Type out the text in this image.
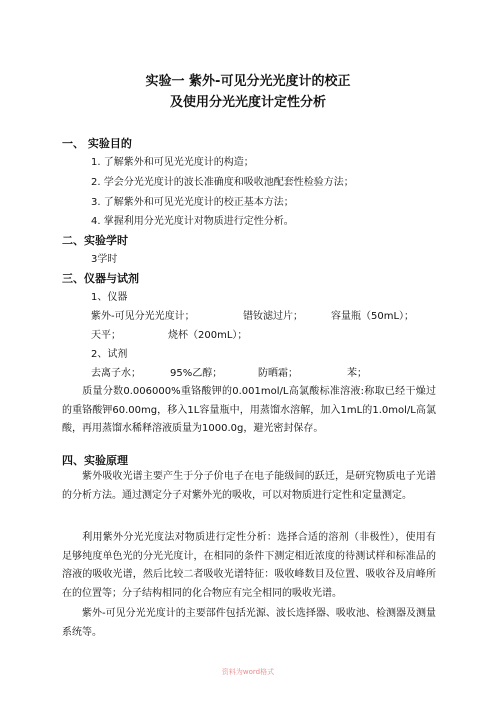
实验一 紫外-可见分光光度计的校正
及使用分光光度计定性分析
一、 实验目的
1. 了解紫外和可见光光度计的构造；
2. 学会分光光度计的波长准确度和吸收池配套性检验方法；
3. 了解紫外和可见光光度计的校正基本方法；
4. 掌握利用分光光度计对物质进行定性分析。
二、实验学时
3学时
三、仪器与试剂
1、仪器
紫外-可见分光光度计；	镨钕滤过片；	容量瓶（50mL）；
天平；	烧杯（200mL）；
2、试剂
去离子水；	95%乙醇；	防晒霜；	苯；
质量分数0.006000%重铬酸钾的0.001mol/L高氯酸标准溶液:称取已经干燥过的重铬酸钾60.00mg，移入1L容量瓶中，用蒸馏水溶解，加入1mL的1.0mol/L高氯酸，再用蒸馏水稀释溶液质量为1000.0g，避光密封保存。
四、实验原理
紫外吸收光谱主要产生于分子价电子在电子能级间的跃迁，是研究物质电子光谱的分析方法。通过测定分子对紫外光的吸收，可以对物质进行定性和定量测定。
利用紫外分光光度法对物质进行定性分析：选择合适的溶剂（非极性），使用有足够纯度单色光的分光光度计，在相同的条件下测定相近浓度的待测试样和标准品的溶液的吸收光谱，然后比较二者吸收光谱特征：吸收峰数目及位置、吸收谷及肩峰所在的位置等；分子结构相同的化合物应有完全相同的吸收光谱。
紫外-可见分光光度计的主要部件包括光源、波长选择器、吸收池、检测器及测量系统等。
资料为word格式
